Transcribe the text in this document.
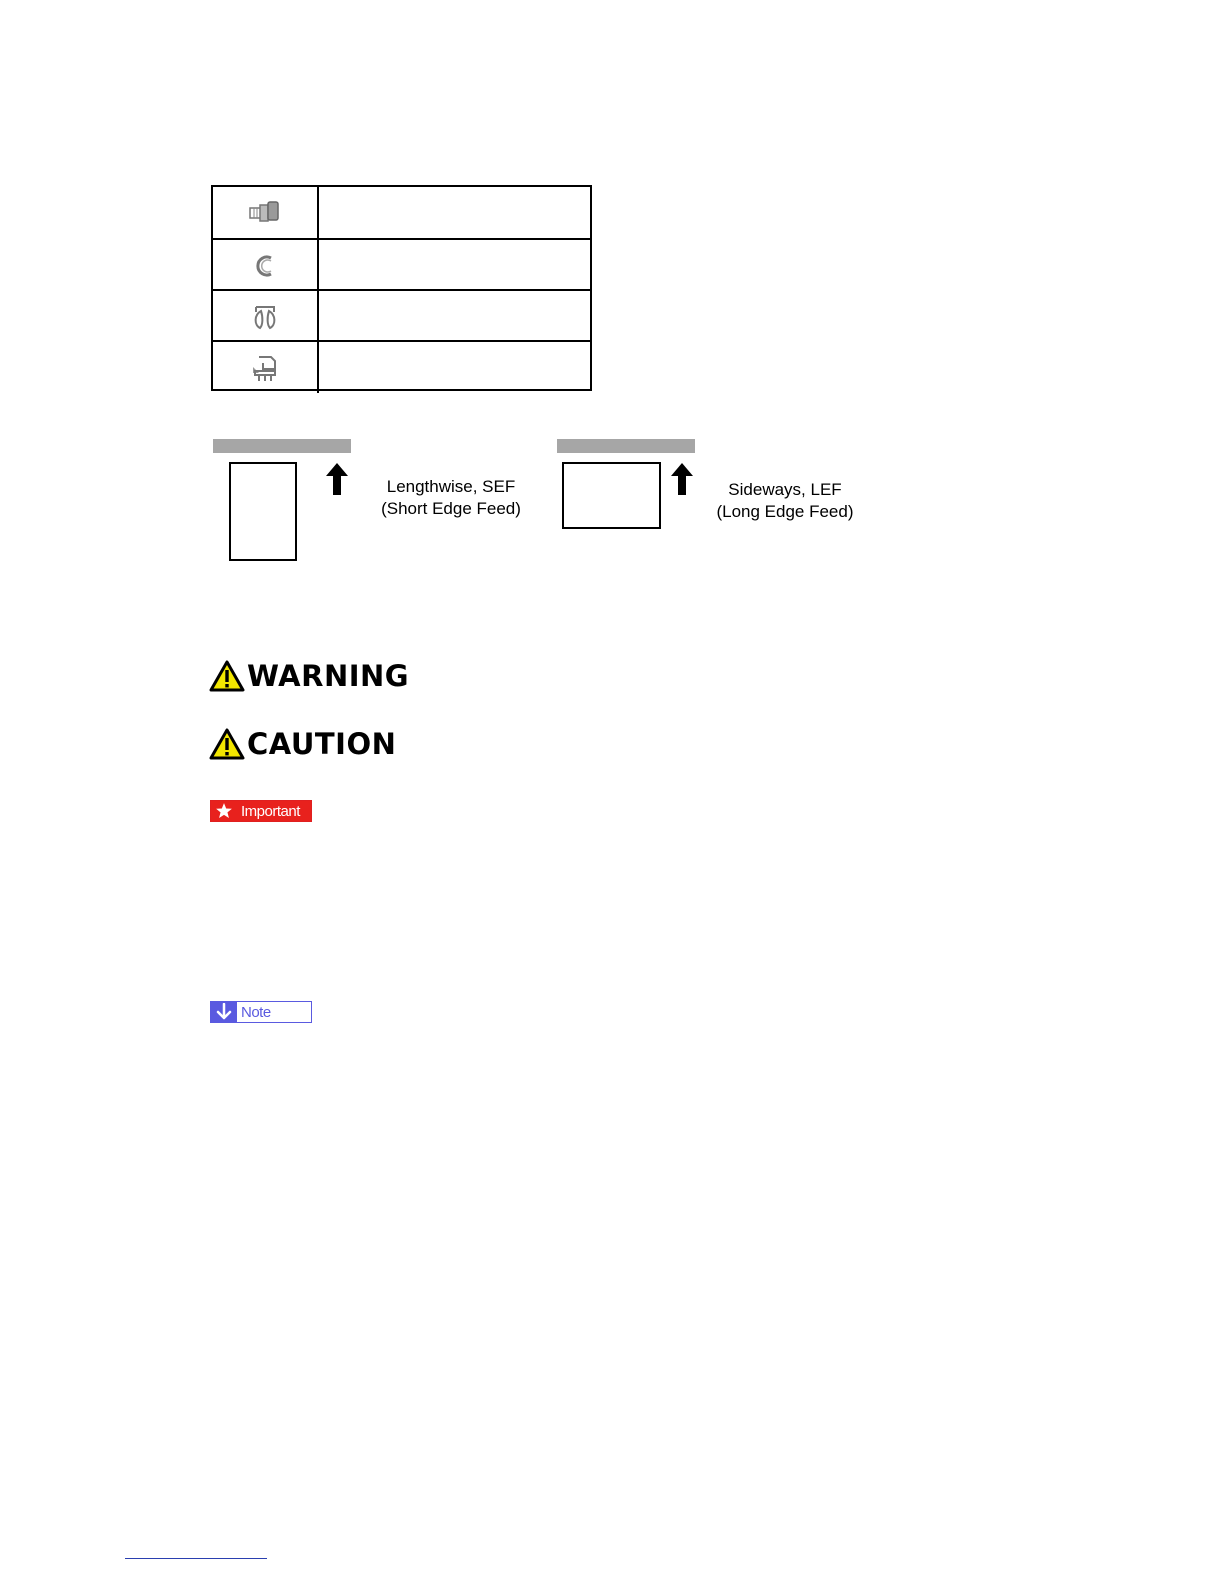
Lengthwise, SEF
(Short Edge Feed)
Sideways, LEF
(Long Edge Feed)
WARNING
CAUTION
Important
Note
